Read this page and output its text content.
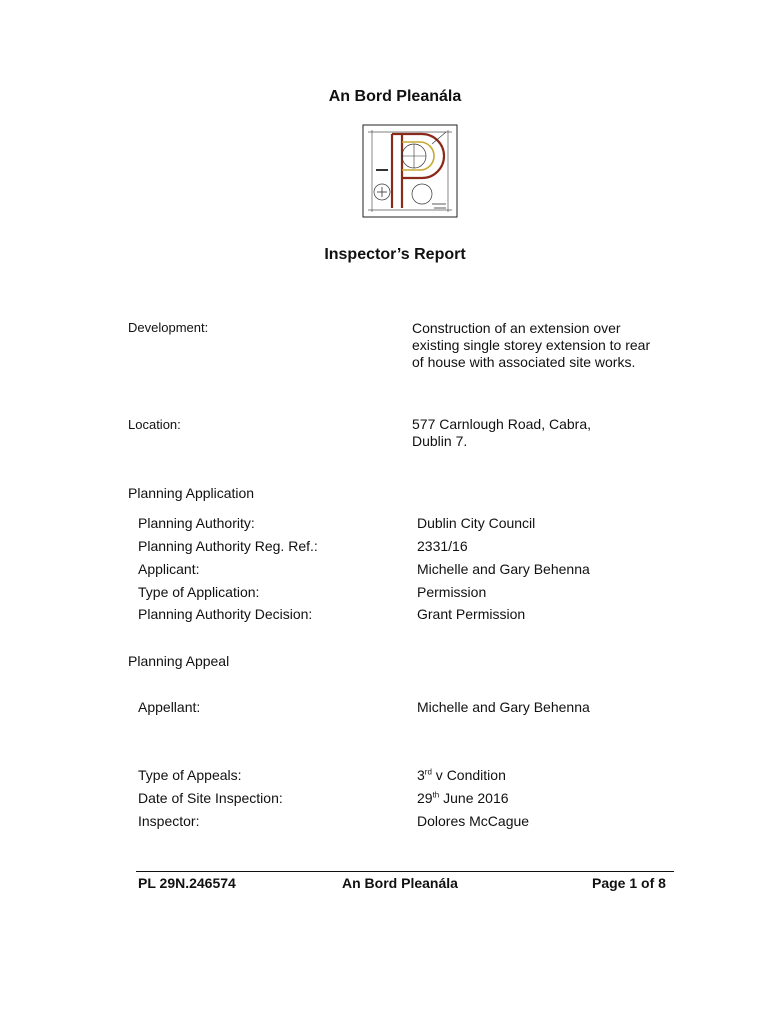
An Bord Pleanála
Inspector’s Report
Development:	Construction of an extension over existing single storey extension to rear of house with associated site works.
Location:	577 Carnlough Road, Cabra,
Dublin 7.
Planning Application
Planning Authority:	Dublin City Council
Planning Authority Reg. Ref.:	2331/16
Applicant:	Michelle and Gary Behenna
Type of Application:	Permission
Planning Authority Decision:	Grant Permission
Planning Appeal
Appellant:	Michelle and Gary Behenna
Type of Appeals:	3rd v Condition
Date of Site Inspection:	29th June 2016
Inspector:	Dolores McCague
PL 29N.246574	An Bord Pleanála	Page 1 of 8
